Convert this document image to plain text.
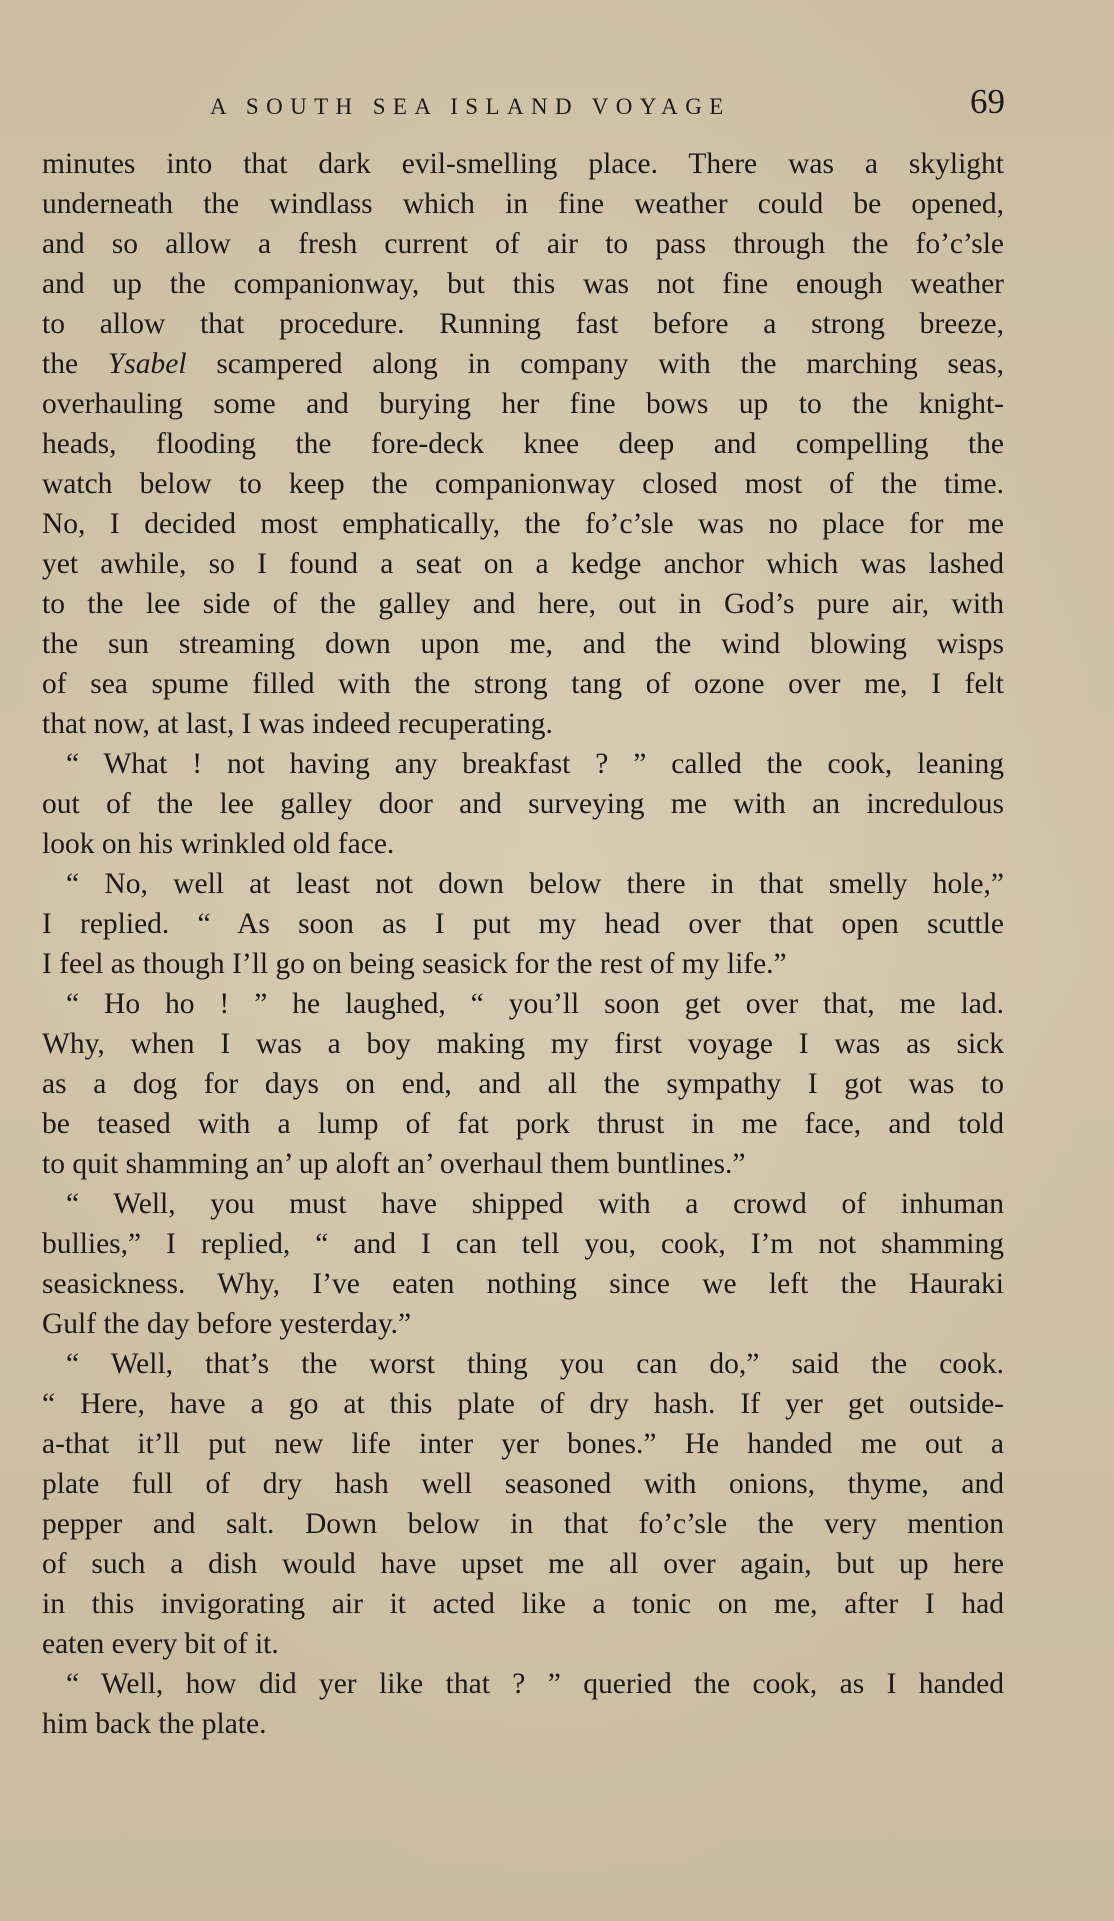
A SOUTH SEA ISLAND VOYAGE	69
minutes into that dark evil-smelling place. There was a skylight
underneath the windlass which in fine weather could be opened,
and so allow a fresh current of air to pass through the fo’c’sle
and up the companionway, but this was not fine enough weather
to allow that procedure. Running fast before a strong breeze,
the Ysabel scampered along in company with the marching seas,
overhauling some and burying her fine bows up to the knight-
heads, flooding the fore-deck knee deep and compelling the
watch below to keep the companionway closed most of the time.
No, I decided most emphatically, the fo’c’sle was no place for me
yet awhile, so I found a seat on a kedge anchor which was lashed
to the lee side of the galley and here, out in God’s pure air, with
the sun streaming down upon me, and the wind blowing wisps
of sea spume filled with the strong tang of ozone over me, I felt
that now, at last, I was indeed recuperating.
“ What ! not having any breakfast ? ” called the cook, leaning
out of the lee galley door and surveying me with an incredulous
look on his wrinkled old face.
“ No, well at least not down below there in that smelly hole,”
I replied. “ As soon as I put my head over that open scuttle
I feel as though I’ll go on being seasick for the rest of my life.”
“ Ho ho ! ” he laughed, “ you’ll soon get over that, me lad.
Why, when I was a boy making my first voyage I was as sick
as a dog for days on end, and all the sympathy I got was to
be teased with a lump of fat pork thrust in me face, and told
to quit shamming an’ up aloft an’ overhaul them buntlines.”
“ Well, you must have shipped with a crowd of inhuman
bullies,” I replied, “ and I can tell you, cook, I’m not shamming
seasickness. Why, I’ve eaten nothing since we left the Hauraki
Gulf the day before yesterday.”
“ Well, that’s the worst thing you can do,” said the cook.
“ Here, have a go at this plate of dry hash. If yer get outside-
a-that it’ll put new life inter yer bones.” He handed me out a
plate full of dry hash well seasoned with onions, thyme, and
pepper and salt. Down below in that fo’c’sle the very mention
of such a dish would have upset me all over again, but up here
in this invigorating air it acted like a tonic on me, after I had
eaten every bit of it.
“ Well, how did yer like that ? ” queried the cook, as I handed
him back the plate.
